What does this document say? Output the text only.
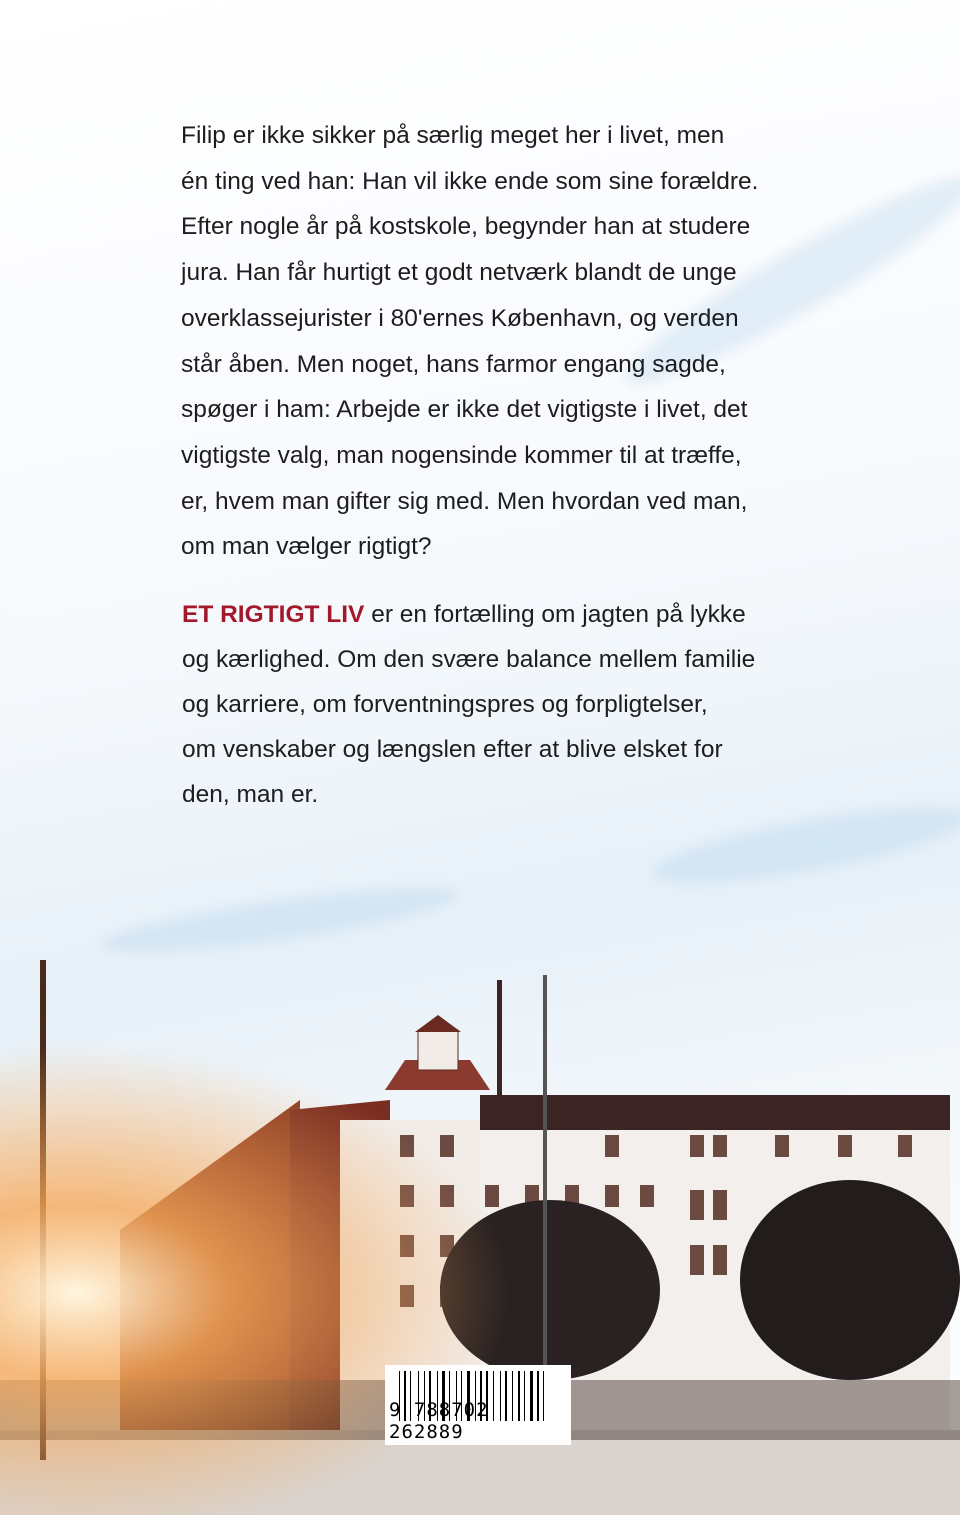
Filip er ikke sikker på særlig meget her i livet, men
én ting ved han: Han vil ikke ende som sine forældre.
Efter nogle år på kostskole, begynder han at studere
jura. Han får hurtigt et godt netværk blandt de unge
overklassejurister i 80'ernes København, og verden
står åben. Men noget, hans farmor engang sagde,
spøger i ham: Arbejde er ikke det vigtigste i livet, det
vigtigste valg, man nogensinde kommer til at træffe,
er, hvem man gifter sig med. Men hvordan ved man,
om man vælger rigtigt?
ET RIGTIGT LIV er en fortælling om jagten på lykke
og kærlighed. Om den svære balance mellem familie
og karriere, om forventningspres og forpligtelser,
om venskaber og længslen efter at blive elsket for
den, man er.
9 788702 262889
